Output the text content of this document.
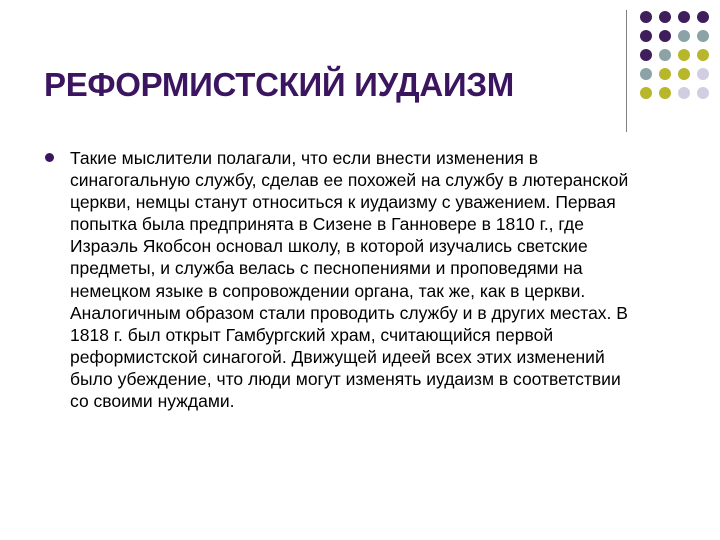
РЕФОРМИСТСКИЙ ИУДАИЗМ

Такие мыслители полагали, что если внести изменения в синагогальную службу, сделав ее похожей на службу в лютеранской церкви, немцы станут относиться к иудаизму с уважением. Первая попытка была предпринята в Сизене в Ганновере в 1810 г., где Израэль Якобсон основал школу, в которой изучались светские предметы, и служба велась с песнопениями и проповедями на немецком языке в сопровождении органа, так же, как в церкви. Аналогичным образом стали проводить службу и в других местах. В 1818 г. был открыт Гамбургский храм, считающийся первой реформистской синагогой. Движущей идеей всех этих изменений было убеждение, что люди могут изменять иудаизм в соответствии со своими нуждами.
